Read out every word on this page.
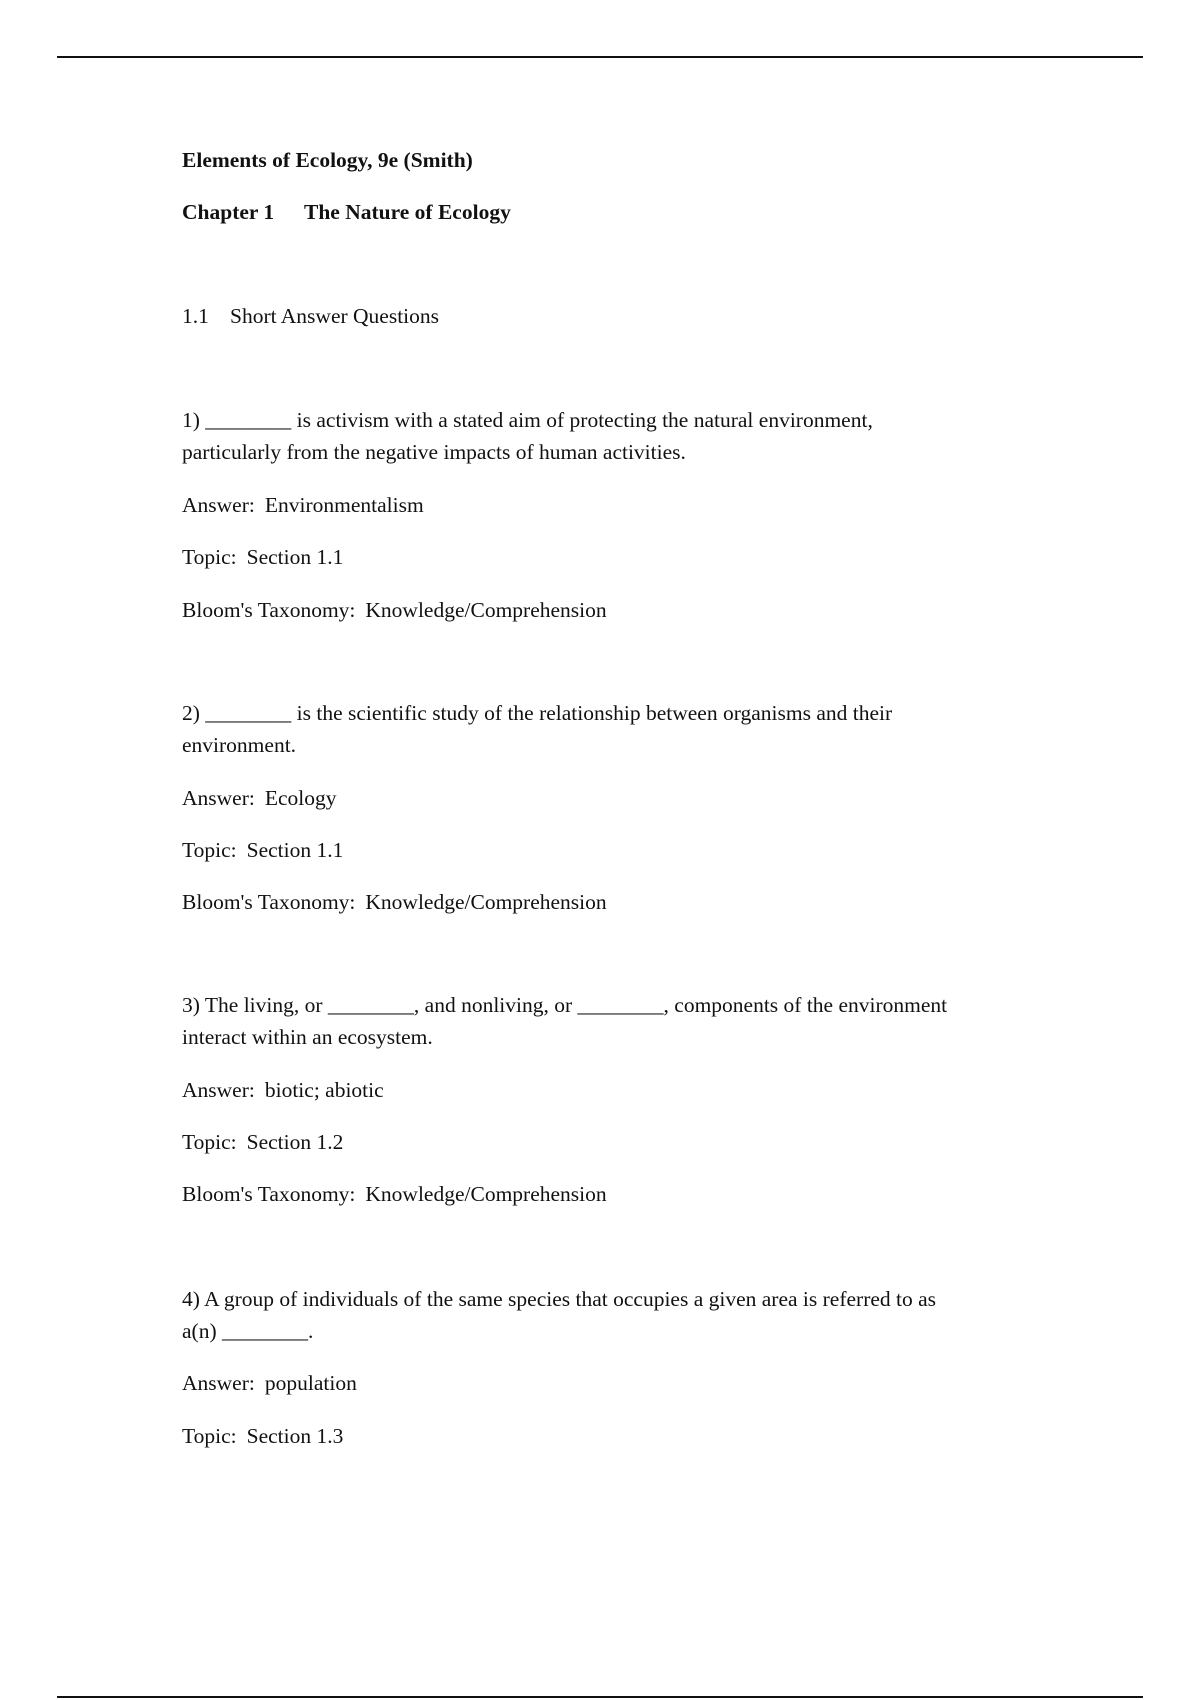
Elements of Ecology, 9e (Smith)
Chapter 1 The Nature of Ecology
1.1 Short Answer Questions
1) ________ is activism with a stated aim of protecting the natural environment,
particularly from the negative impacts of human activities.
Answer: Environmentalism
Topic: Section 1.1
Bloom's Taxonomy: Knowledge/Comprehension
2) ________ is the scientific study of the relationship between organisms and their
environment.
Answer: Ecology
Topic: Section 1.1
Bloom's Taxonomy: Knowledge/Comprehension
3) The living, or ________, and nonliving, or ________, components of the environment
interact within an ecosystem.
Answer: biotic; abiotic
Topic: Section 1.2
Bloom's Taxonomy: Knowledge/Comprehension
4) A group of individuals of the same species that occupies a given area is referred to as
a(n) ________.
Answer: population
Topic: Section 1.3
